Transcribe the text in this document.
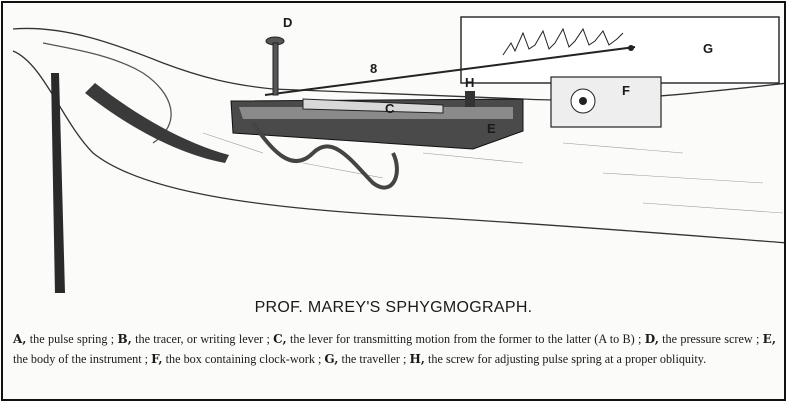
D
8
H
C
E
F
G
PROF. MAREY'S SPHYGMOGRAPH.
A, the pulse spring ; B, the tracer, or writing lever ; C, the lever for transmitting motion from the former to the latter (A to B) ; D, the pressure screw ; E, the body of the instrument ; F, the box containing clock-work ; G, the traveller ; H, the screw for adjusting pulse spring at a proper obliquity.
